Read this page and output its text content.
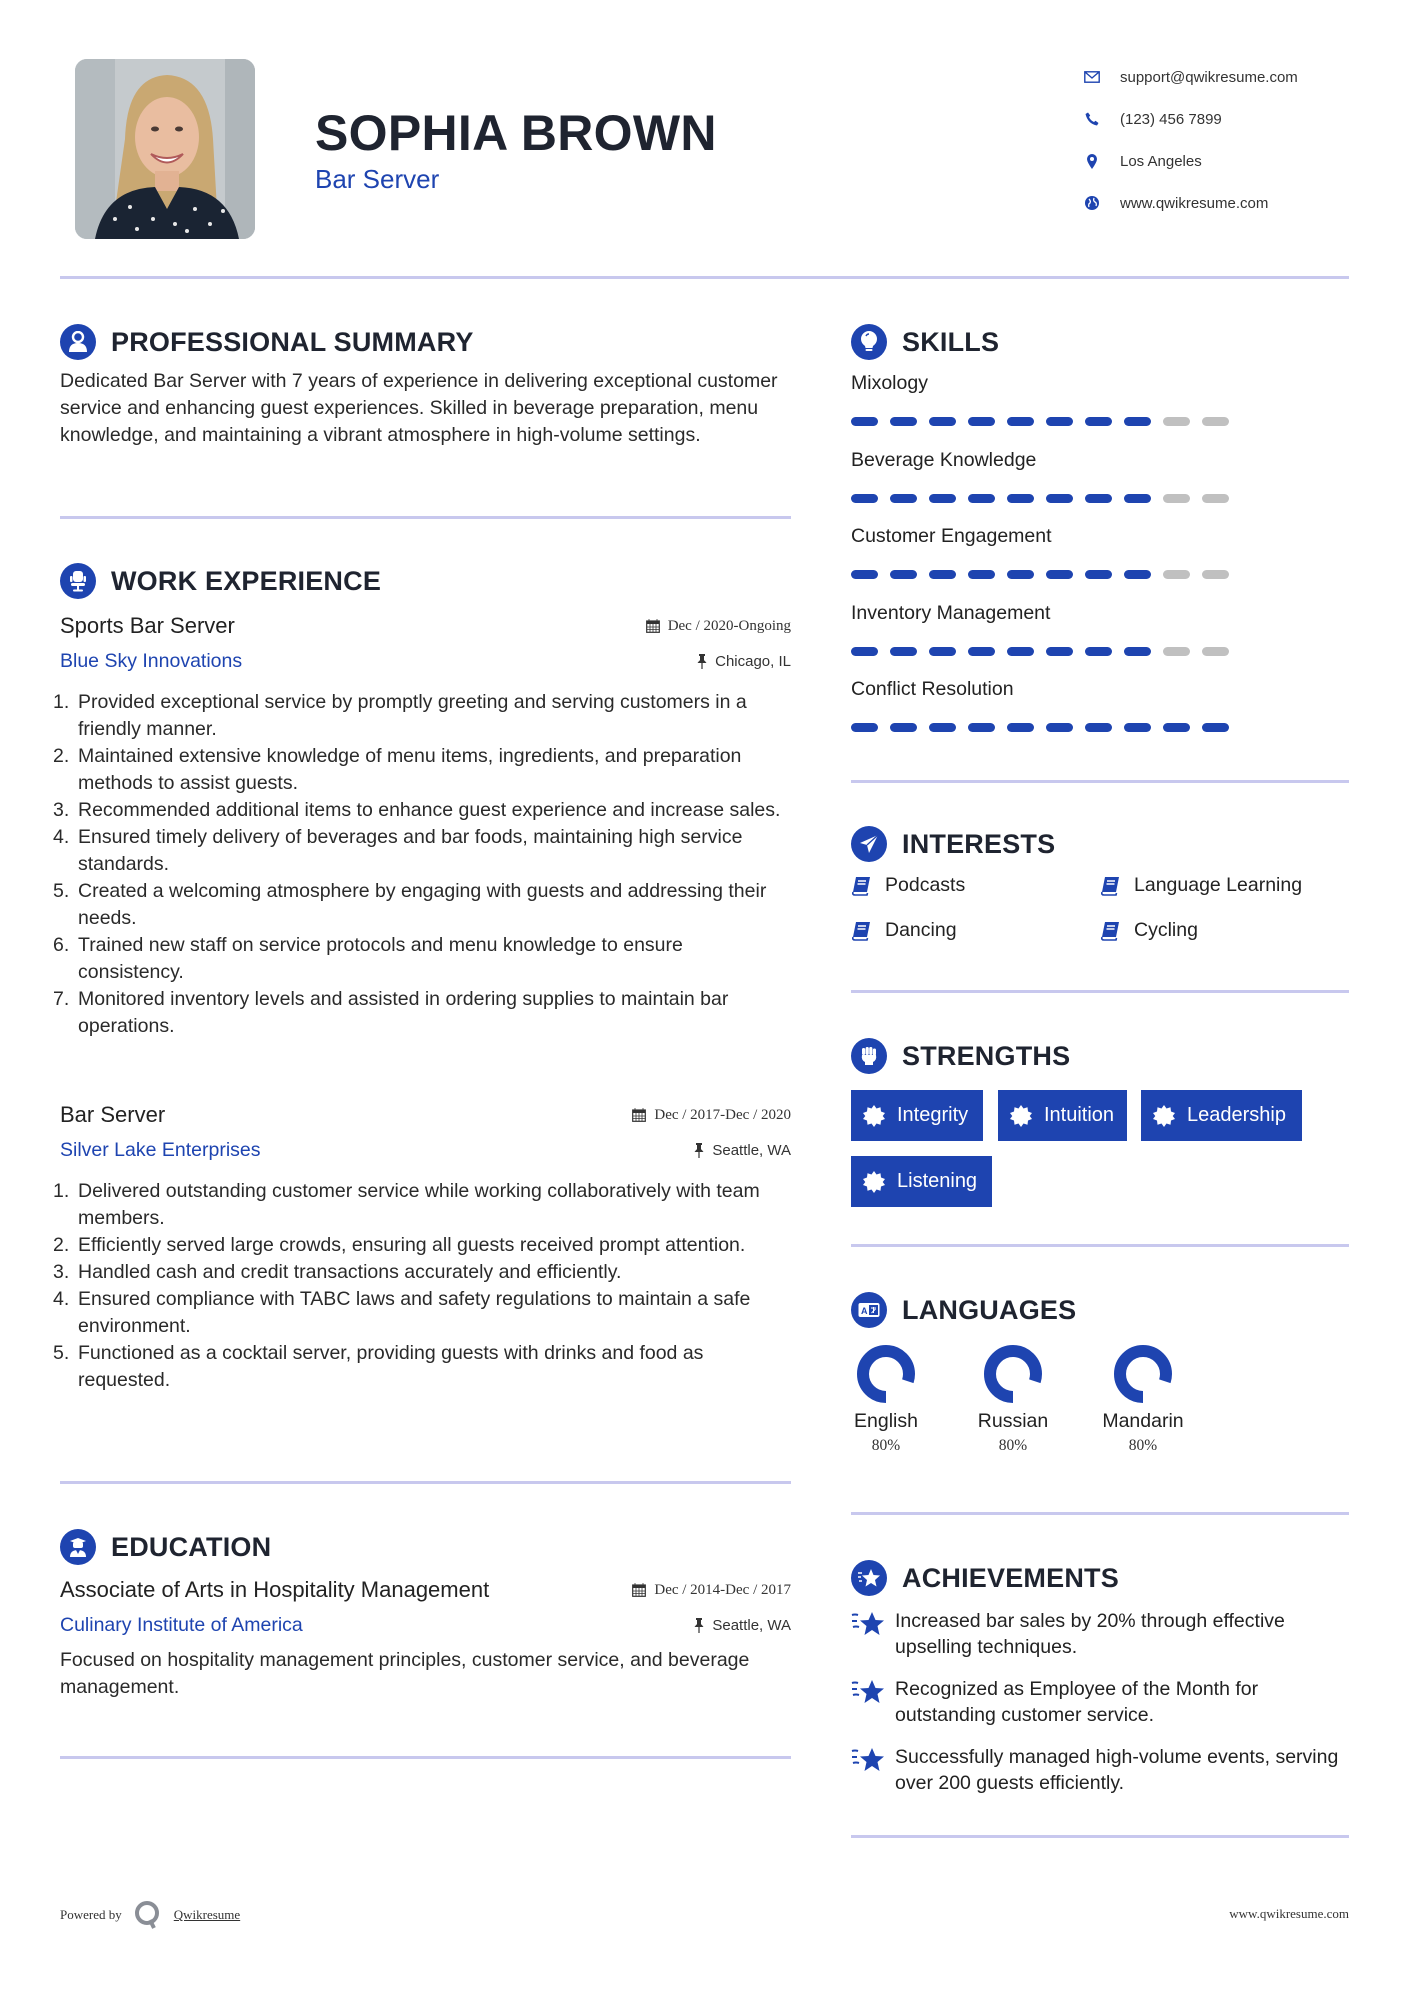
SOPHIA BROWN
Bar Server
support@qwikresume.com
(123) 456 7899
Los Angeles
www.qwikresume.com
PROFESSIONAL SUMMARY
Dedicated Bar Server with 7 years of experience in delivering exceptional customer service and enhancing guest experiences. Skilled in beverage preparation, menu knowledge, and maintaining a vibrant atmosphere in high-volume settings.
WORK EXPERIENCE
Sports Bar Server	Dec / 2020-Ongoing
Blue Sky Innovations	Chicago, IL
1. Provided exceptional service by promptly greeting and serving customers in a friendly manner.
2. Maintained extensive knowledge of menu items, ingredients, and preparation methods to assist guests.
3. Recommended additional items to enhance guest experience and increase sales.
4. Ensured timely delivery of beverages and bar foods, maintaining high service standards.
5. Created a welcoming atmosphere by engaging with guests and addressing their needs.
6. Trained new staff on service protocols and menu knowledge to ensure consistency.
7. Monitored inventory levels and assisted in ordering supplies to maintain bar operations.
Bar Server	Dec / 2017-Dec / 2020
Silver Lake Enterprises	Seattle, WA
1. Delivered outstanding customer service while working collaboratively with team members.
2. Efficiently served large crowds, ensuring all guests received prompt attention.
3. Handled cash and credit transactions accurately and efficiently.
4. Ensured compliance with TABC laws and safety regulations to maintain a safe environment.
5. Functioned as a cocktail server, providing guests with drinks and food as requested.
EDUCATION
Associate of Arts in Hospitality Management	Dec / 2014-Dec / 2017
Culinary Institute of America	Seattle, WA
Focused on hospitality management principles, customer service, and beverage management.
SKILLS
Mixology
Beverage Knowledge
Customer Engagement
Inventory Management
Conflict Resolution
INTERESTS
Podcasts	Language Learning
Dancing	Cycling
STRENGTHS
Integrity	Intuition	Leadership
Listening
A LANGUAGES
English
80%
Russian
80%
Mandarin
80%
ACHIEVEMENTS
Increased bar sales by 20% through effective upselling techniques.
Recognized as Employee of the Month for outstanding customer service.
Successfully managed high-volume events, serving over 200 guests efficiently.
Powered by	Qwikresume	www.qwikresume.com
